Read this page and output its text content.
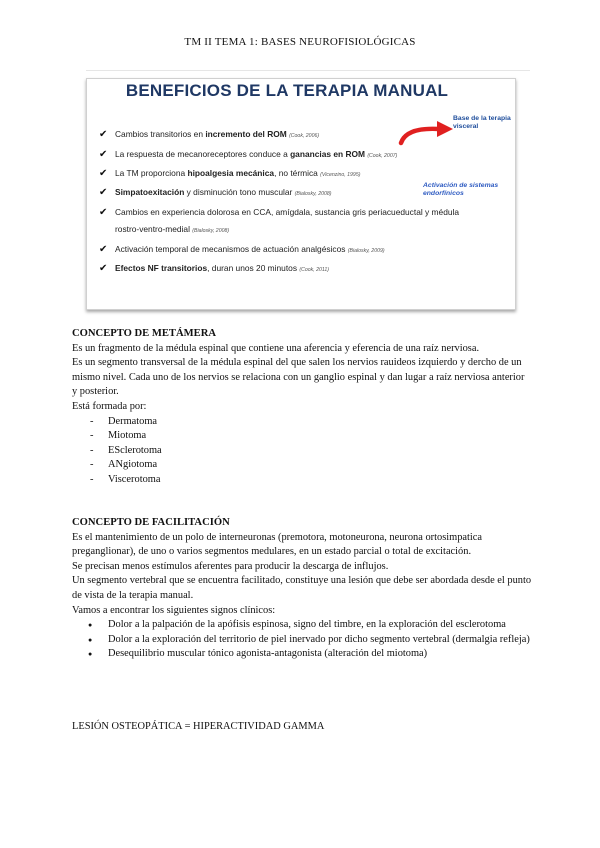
TM II TEMA 1: BASES NEUROFISIOLÓGICAS
BENEFICIOS DE LA TERAPIA MANUAL
Base de la terapia
visceral
Activación de sistemas
endorfínicos
✔ Cambios transitorios en incremento del ROM (Cook, 2006)
✔ La respuesta de mecanoreceptores conduce a ganancias en ROM (Cook, 2007)
✔ La TM proporciona hipoalgesia mecánica, no térmica (Vicenzino, 1995)
✔ Simpatoexitación y disminución tono muscular (Bialosky, 2008)
✔ Cambios en experiencia dolorosa en CCA, amígdala, sustancia gris periacueductal y médula
rostro-ventro-medial (Bialosky, 2008)
✔ Activación temporal de mecanismos de actuación analgésicos (Bialosky, 2009)
✔ Efectos NF transitorios, duran unos 20 minutos (Cook, 2011)
CONCEPTO DE METÁMERA

Es un fragmento de la médula espinal que contiene una aferencia y eferencia de una raíz nerviosa.

Es un segmento transversal de la médula espinal del que salen los nervios rauideos izquierdo y dercho de un mismo nivel. Cada uno de los nervios se relaciona con un ganglio espinal y dan lugar a raíz nerviosa anterior y posterior.

Está formada por:

- Dermatoma
- Miotoma
- ESclerotoma
- ANgiotoma
- Viscerotoma
CONCEPTO DE FACILITACIÓN

Es el mantenimiento de un polo de interneuronas (premotora, motoneurona, neurona ortosimpatica preganglionar), de uno o varios segmentos medulares, en un estado parcial o total de excitación.

Se precisan menos estímulos aferentes para producir la descarga de influjos.

Un segmento vertebral que se encuentra facilitado, constituye una lesión que debe ser abordada desde el punto de vista de la terapia manual.

Vamos a encontrar los siguientes signos clínicos:

● Dolor a la palpación de la apófisis espinosa, signo del timbre, en la exploración del esclerotoma
● Dolor a la exploración del territorio de piel inervado por dicho segmento vertebral (dermalgia refleja)
● Desequilibrio muscular tónico agonista-antagonista (alteración del miotoma)
LESIÓN OSTEOPÁTICA = HIPERACTIVIDAD GAMMA
